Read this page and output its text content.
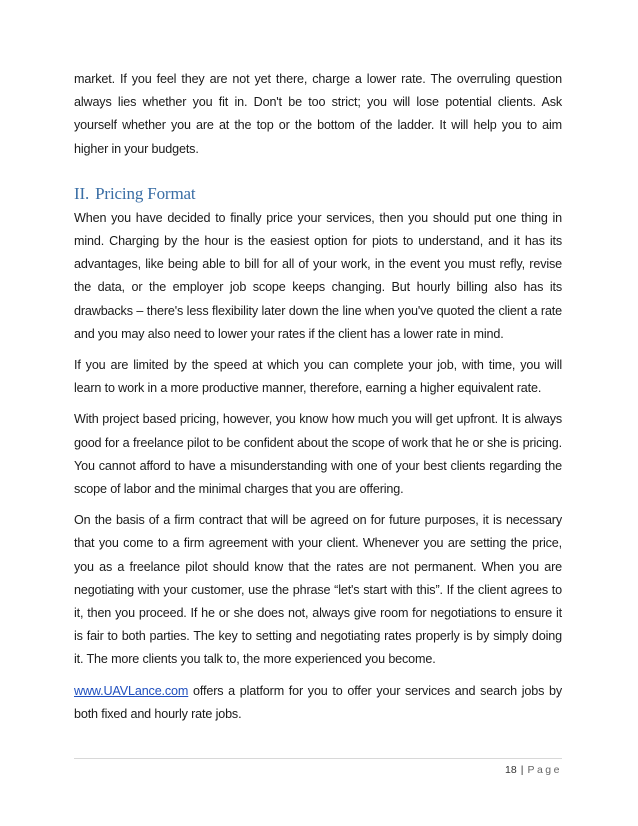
market. If you feel they are not yet there, charge a lower rate. The overruling question always lies whether you fit in. Don't be too strict; you will lose potential clients. Ask yourself whether you are at the top or the bottom of the ladder. It will help you to aim higher in your budgets.

II. Pricing Format

When you have decided to finally price your services, then you should put one thing in mind. Charging by the hour is the easiest option for piots to understand, and it has its advantages, like being able to bill for all of your work, in the event you must refly, revise the data, or the employer job scope keeps changing. But hourly billing also has its drawbacks – there's less flexibility later down the line when you've quoted the client a rate and you may also need to lower your rates if the client has a lower rate in mind.

If you are limited by the speed at which you can complete your job, with time, you will learn to work in a more productive manner, therefore, earning a higher equivalent rate.

With project based pricing, however, you know how much you will get upfront. It is always good for a freelance pilot to be confident about the scope of work that he or she is pricing. You cannot afford to have a misunderstanding with one of your best clients regarding the scope of labor and the minimal charges that you are offering.

On the basis of a firm contract that will be agreed on for future purposes, it is necessary that you come to a firm agreement with your client. Whenever you are setting the price, you as a freelance pilot should know that the rates are not permanent. When you are negotiating with your customer, use the phrase “let's start with this”. If the client agrees to it, then you proceed. If he or she does not, always give room for negotiations to ensure it is fair to both parties. The key to setting and negotiating rates properly is by simply doing it. The more clients you talk to, the more experienced you become.

www.UAVLance.com offers a platform for you to offer your services and search jobs by both fixed and hourly rate jobs.

18 | Page
